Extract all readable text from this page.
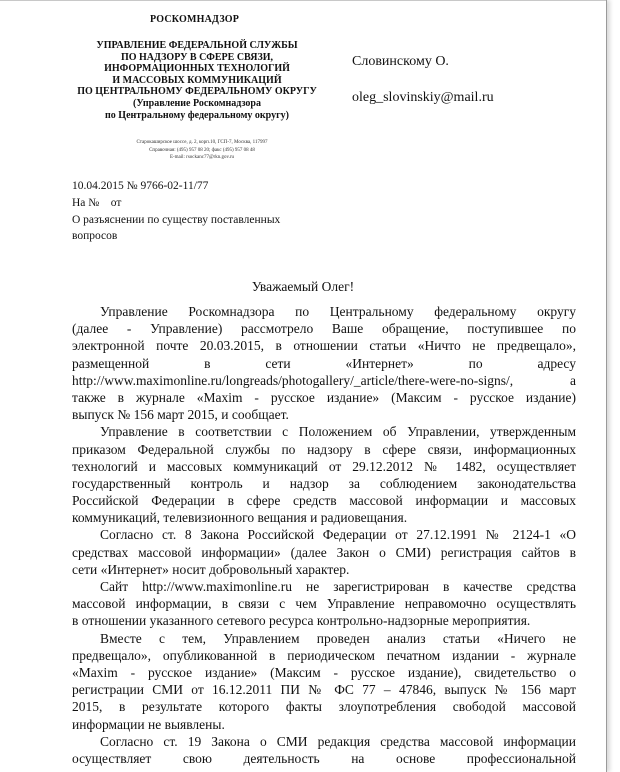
РОСКОМНАДЗОР
УПРАВЛЕНИЕ ФЕДЕРАЛЬНОЙ СЛУЖБЫ
ПО НАДЗОРУ В СФЕРЕ СВЯЗИ,
ИНФОРМАЦИОННЫХ ТЕХНОЛОГИЙ
И МАССОВЫХ КОММУНИКАЦИЙ
ПО ЦЕНТРАЛЬНОМУ ФЕДЕРАЛЬНОМУ ОКРУГУ
(Управление Роскомнадзора
по Центральному федеральному округу)
Старокаширское шоссе, д. 2, корп.10, ГСП-7, Москва, 117997
Справочная: (495) 957 08 20; факс (495) 957 08 48
E-mail: rsockanc77@rkn.gov.ru
Словинскому О.
oleg_slovinskiy@mail.ru
10.04.2015 № 9766-02-11/77
На №    от
О разъяснении по существу поставленных
вопросов
Уважаемый Олег!
Управление Роскомнадзора по Центральному федеральному округу
(далее - Управление) рассмотрело Ваше обращение, поступившее по
электронной почте 20.03.2015, в отношении статьи «Ничто не предвещало»,
размещенной в сети «Интернет» по адресу
http://www.maximonline.ru/longreads/photogallery/_article/there-were-no-signs/, а
также в журнале «Maxim - русское издание» (Максим - русское издание)
выпуск № 156 март 2015, и сообщает.
Управление в соответствии с Положением об Управлении, утвержденным
приказом Федеральной службы по надзору в сфере связи, информационных
технологий и массовых коммуникаций от 29.12.2012 № 1482, осуществляет
государственный контроль и надзор за соблюдением законодательства
Российской Федерации в сфере средств массовой информации и массовых
коммуникаций, телевизионного вещания и радиовещания.
Согласно ст. 8 Закона Российской Федерации от 27.12.1991 № 2124-1 «О
средствах массовой информации» (далее Закон о СМИ) регистрация сайтов в
сети «Интернет» носит добровольный характер.
Сайт http://www.maximonline.ru не зарегистрирован в качестве средства
массовой информации, в связи с чем Управление неправомочно осуществлять
в отношении указанного сетевого ресурса контрольно-надзорные мероприятия.
Вместе с тем, Управлением проведен анализ статьи «Ничего не
предвещало», опубликованной в периодическом печатном издании - журнале
«Maxim - русское издание» (Максим - русское издание), свидетельство о
регистрации СМИ от 16.12.2011 ПИ № ФС 77 – 47846, выпуск № 156 март
2015, в результате которого факты злоупотребления свободой массовой
информации не выявлены.
Согласно ст. 19 Закона о СМИ редакция средства массовой информации
осуществляет свою деятельность на основе профессиональной
